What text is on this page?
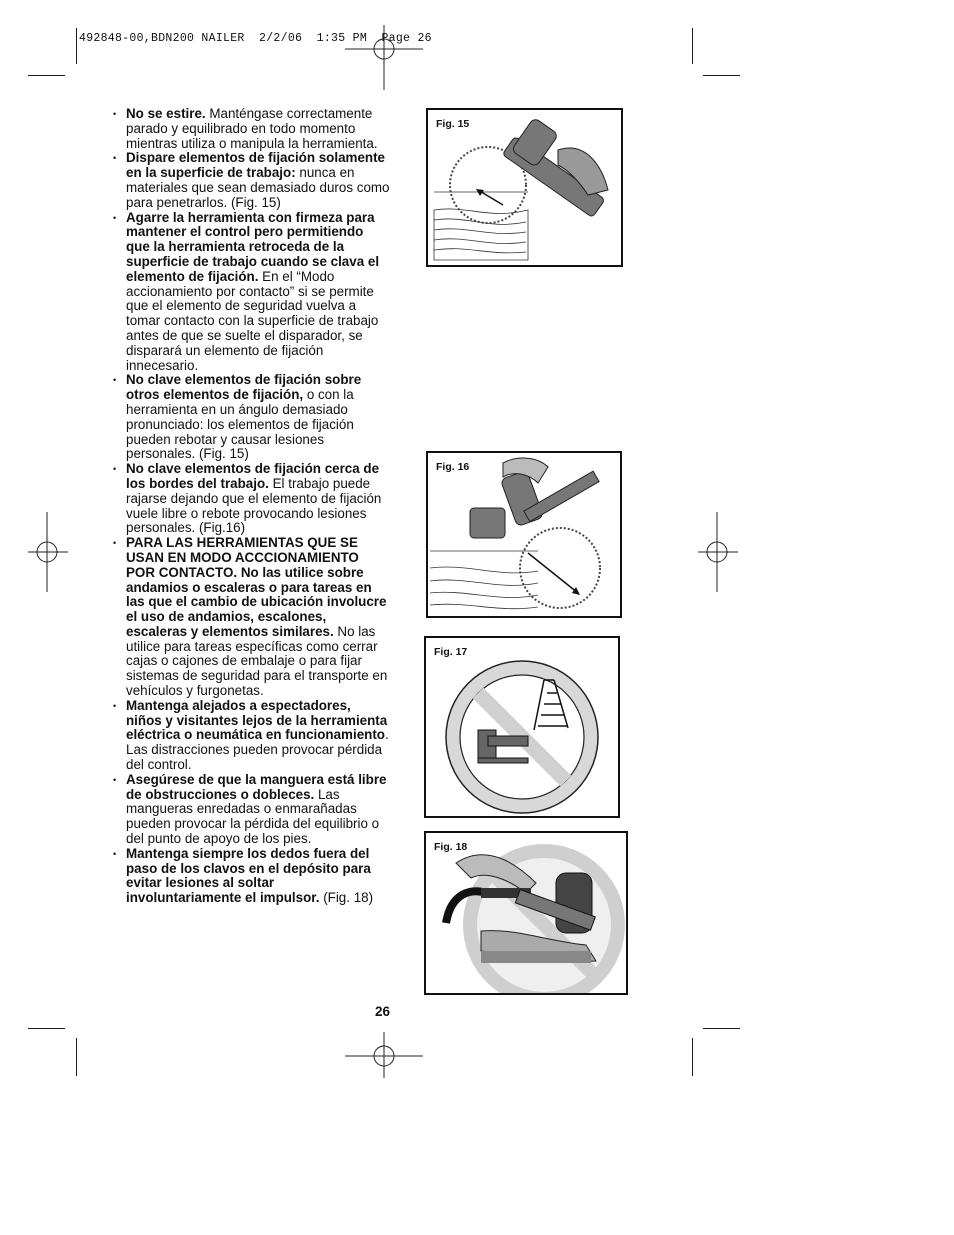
492848-00,BDN200 NAILER  2/2/06  1:35 PM  Page 26
• No se estire. Manténgase correctamente parado y equilibrado en todo momento mientras utiliza o manipula la herramienta.
• Dispare elementos de fijación solamente en la superficie de trabajo: nunca en materiales que sean demasiado duros como para penetrarlos. (Fig. 15)
• Agarre la herramienta con firmeza para mantener el control pero permitiendo que la herramienta retroceda de la superficie de trabajo cuando se clava el elemento de fijación. En el “Modo accionamiento por contacto” si se permite que el elemento de seguridad vuelva a tomar contacto con la superficie de trabajo antes de que se suelte el disparador, se disparará un elemento de fijación innecesario.
• No clave elementos de fijación sobre otros elementos de fijación, o con la herramienta en un ángulo demasiado pronunciado: los elementos de fijación pueden rebotar y causar lesiones personales. (Fig. 15)
• No clave elementos de fijación cerca de los bordes del trabajo. El trabajo puede rajarse dejando que el elemento de fijación vuele libre o rebote provocando lesiones personales. (Fig.16)
• PARA LAS HERRAMIENTAS QUE SE USAN EN MODO ACCCIONAMIENTO POR CONTACTO. No las utilice sobre andamios o escaleras o para tareas en las que el cambio de ubicación involucre el uso de andamios, escalones, escaleras y elementos similares. No las utilice para tareas específicas como cerrar cajas o cajones de embalaje o para fijar sistemas de seguridad para el transporte en vehículos y furgonetas.
• Mantenga alejados a espectadores, niños y visitantes lejos de la herramienta eléctrica o neumática en funcionamiento. Las distracciones pueden provocar pérdida del control.
• Asegúrese de que la manguera está libre de obstrucciones o dobleces. Las mangueras enredadas o enmarañadas pueden provocar la pérdida del equilibrio o del punto de apoyo de los pies.
• Mantenga siempre los dedos fuera del paso de los clavos en el depósito para evitar lesiones al soltar involuntariamente el impulsor. (Fig. 18)
26
Fig. 15
Fig. 16
Fig. 17
Fig. 18
